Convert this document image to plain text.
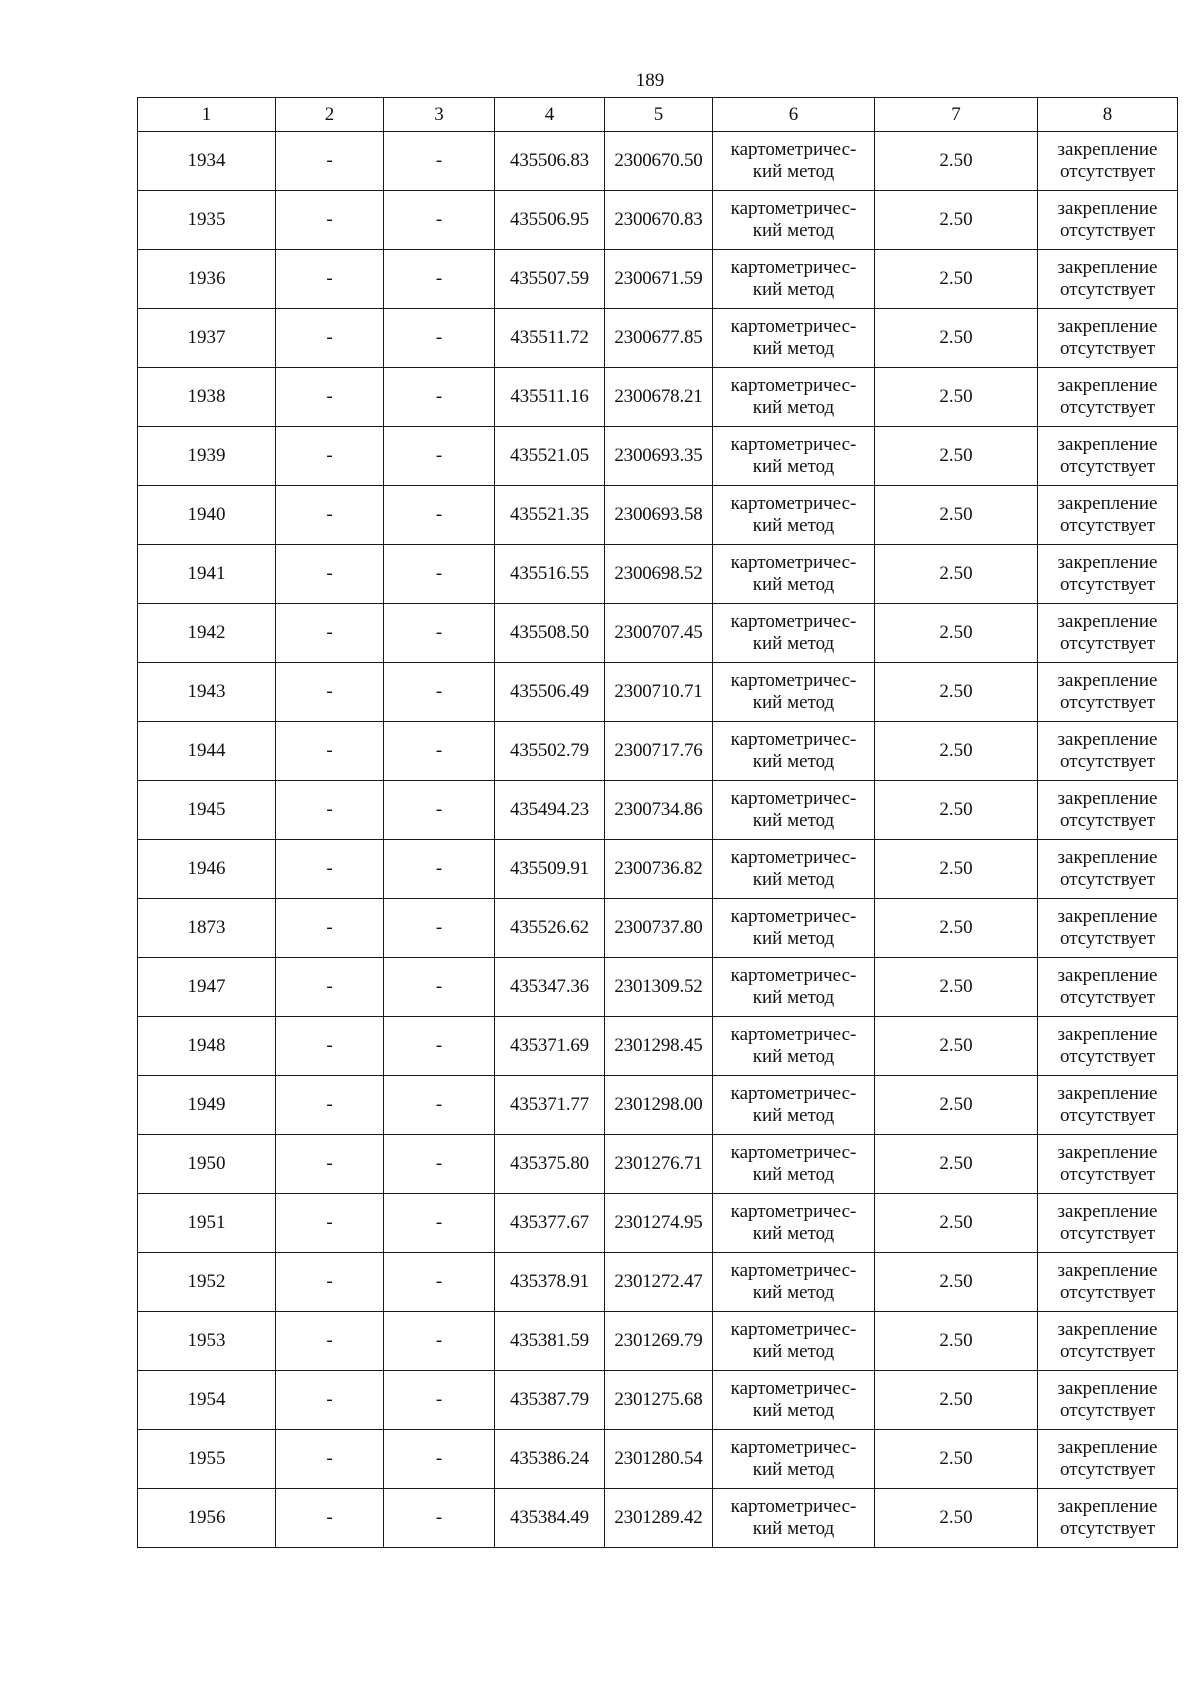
189
1	2	3	4	5	6	7	8
1934	-	-	435506.83	2300670.50	картометричес-
кий метод	2.50	закрепление
отсутствует

1935	-	-	435506.95	2300670.83	картометричес-
кий метод	2.50	закрепление
отсутствует

1936	-	-	435507.59	2300671.59	картометричес-
кий метод	2.50	закрепление
отсутствует

1937	-	-	435511.72	2300677.85	картометричес-
кий метод	2.50	закрепление
отсутствует

1938	-	-	435511.16	2300678.21	картометричес-
кий метод	2.50	закрепление
отсутствует

1939	-	-	435521.05	2300693.35	картометричес-
кий метод	2.50	закрепление
отсутствует

1940	-	-	435521.35	2300693.58	картометричес-
кий метод	2.50	закрепление
отсутствует

1941	-	-	435516.55	2300698.52	картометричес-
кий метод	2.50	закрепление
отсутствует

1942	-	-	435508.50	2300707.45	картометричес-
кий метод	2.50	закрепление
отсутствует

1943	-	-	435506.49	2300710.71	картометричес-
кий метод	2.50	закрепление
отсутствует

1944	-	-	435502.79	2300717.76	картометричес-
кий метод	2.50	закрепление
отсутствует

1945	-	-	435494.23	2300734.86	картометричес-
кий метод	2.50	закрепление
отсутствует

1946	-	-	435509.91	2300736.82	картометричес-
кий метод	2.50	закрепление
отсутствует

1873	-	-	435526.62	2300737.80	картометричес-
кий метод	2.50	закрепление
отсутствует

1947	-	-	435347.36	2301309.52	картометричес-
кий метод	2.50	закрепление
отсутствует

1948	-	-	435371.69	2301298.45	картометричес-
кий метод	2.50	закрепление
отсутствует

1949	-	-	435371.77	2301298.00	картометричес-
кий метод	2.50	закрепление
отсутствует

1950	-	-	435375.80	2301276.71	картометричес-
кий метод	2.50	закрепление
отсутствует

1951	-	-	435377.67	2301274.95	картометричес-
кий метод	2.50	закрепление
отсутствует

1952	-	-	435378.91	2301272.47	картометричес-
кий метод	2.50	закрепление
отсутствует

1953	-	-	435381.59	2301269.79	картометричес-
кий метод	2.50	закрепление
отсутствует

1954	-	-	435387.79	2301275.68	картометричес-
кий метод	2.50	закрепление
отсутствует

1955	-	-	435386.24	2301280.54	картометричес-
кий метод	2.50	закрепление
отсутствует

1956	-	-	435384.49	2301289.42	картометричес-
кий метод	2.50	закрепление
отсутствует
